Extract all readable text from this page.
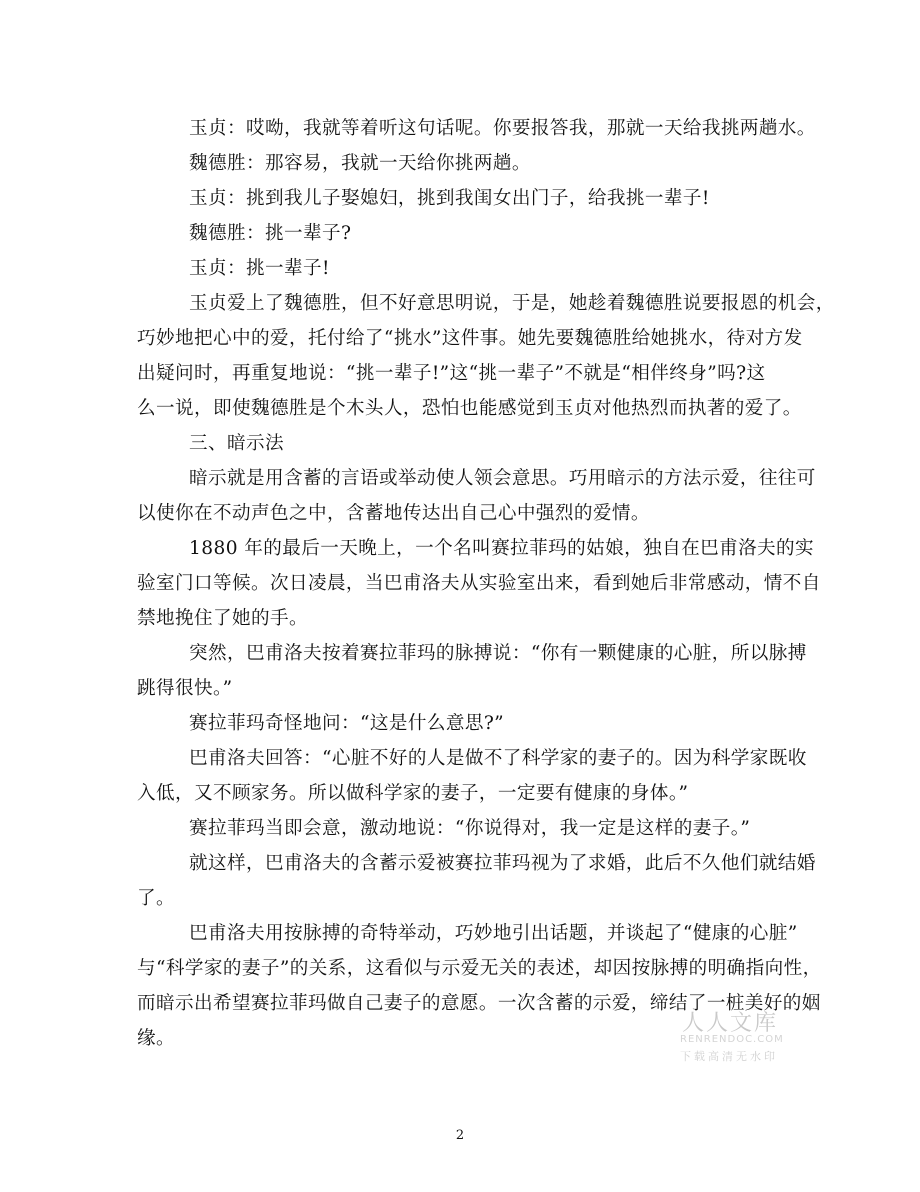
玉贞：哎呦，我就等着听这句话呢。你要报答我，那就一天给我挑两趟水。
魏德胜：那容易，我就一天给你挑两趟。
玉贞：挑到我儿子娶媳妇，挑到我闺女出门子，给我挑一辈子!
魏德胜：挑一辈子?
玉贞：挑一辈子!
玉贞爱上了魏德胜，但不好意思明说，于是，她趁着魏德胜说要报恩的机会，
巧妙地把心中的爱，托付给了“挑水”这件事。她先要魏德胜给她挑水，待对方发
出疑问时，再重复地说：“挑一辈子!”这“挑一辈子”不就是“相伴终身”吗?这
么一说，即使魏德胜是个木头人，恐怕也能感觉到玉贞对他热烈而执著的爱了。
三、暗示法
暗示就是用含蓄的言语或举动使人领会意思。巧用暗示的方法示爱，往往可
以使你在不动声色之中，含蓄地传达出自己心中强烈的爱情。
1880 年的最后一天晚上，一个名叫赛拉菲玛的姑娘，独自在巴甫洛夫的实
验室门口等候。次日凌晨，当巴甫洛夫从实验室出来，看到她后非常感动，情不自
禁地挽住了她的手。
突然，巴甫洛夫按着赛拉菲玛的脉搏说：“你有一颗健康的心脏，所以脉搏
跳得很快。”
赛拉菲玛奇怪地问：“这是什么意思?”
巴甫洛夫回答：“心脏不好的人是做不了科学家的妻子的。因为科学家既收
入低，又不顾家务。所以做科学家的妻子，一定要有健康的身体。”
赛拉菲玛当即会意，激动地说：“你说得对，我一定是这样的妻子。”
就这样，巴甫洛夫的含蓄示爱被赛拉菲玛视为了求婚，此后不久他们就结婚
了。
巴甫洛夫用按脉搏的奇特举动，巧妙地引出话题，并谈起了“健康的心脏”
与“科学家的妻子”的关系，这看似与示爱无关的表述，却因按脉搏的明确指向性，
而暗示出希望赛拉菲玛做自己妻子的意愿。一次含蓄的示爱，缔结了一桩美好的姻
缘。
人人文库
RENRENDOC.COM
下载高清无水印
2
